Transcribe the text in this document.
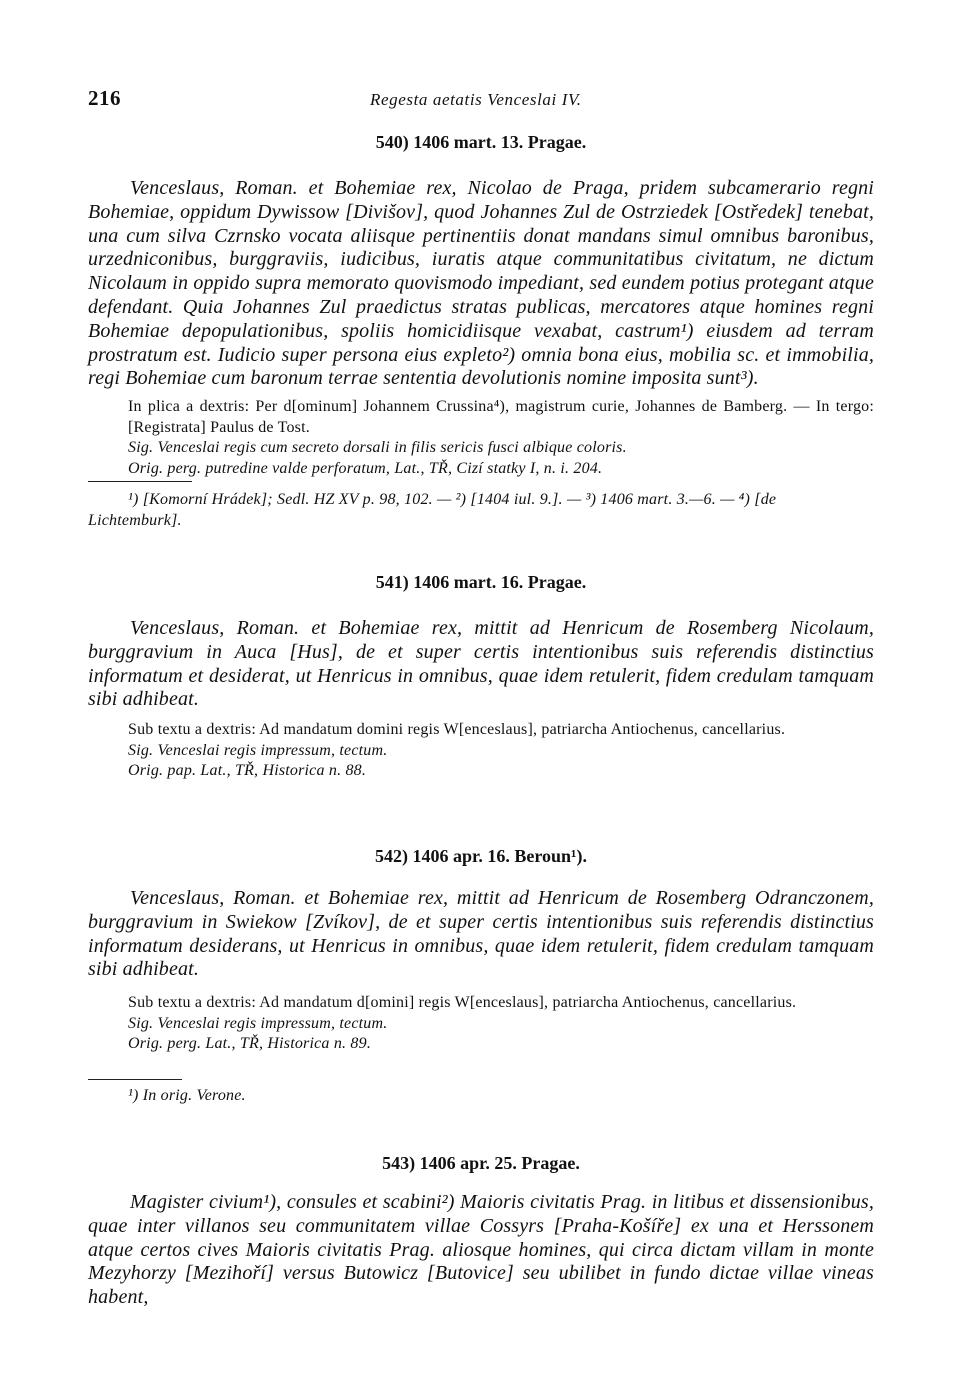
216	Regesta aetatis Venceslai IV.
540) 1406 mart. 13. Pragae.
Venceslaus, Roman. et Bohemiae rex, Nicolao de Praga, pridem subcamerario regni Bohemiae, oppidum Dywissow [Divišov], quod Johannes Zul de Ostrziedek [Ostředek] tenebat, una cum silva Czrnsko vocata aliisque pertinentiis donat mandans simul omnibus baronibus, urzedniconibus, burggraviis, iudicibus, iuratis atque communitatibus civitatum, ne dictum Nicolaum in oppido supra memorato quovismodo impediant, sed eundem potius protegant atque defendant. Quia Johannes Zul praedictus stratas publicas, mercatores atque homines regni Bohemiae depopulationibus, spoliis homicidiisque vexabat, castrum¹) eiusdem ad terram prostratum est. Iudicio super persona eius expleto²) omnia bona eius, mobilia sc. et immobilia, regi Bohemiae cum baronum terrae sententia devolutionis nomine imposita sunt³).
In plica a dextris: Per d[ominum] Johannem Crussina⁴), magistrum curie, Johannes de Bamberg. — In tergo: [Registrata] Paulus de Tost.
Sig. Venceslai regis cum secreto dorsali in filis sericis fusci albique coloris.
Orig. perg. putredine valde perforatum, Lat., TŘ, Cizí statky I, n. i. 204.
¹) [Komorní Hrádek]; Sedl. HZ XV p. 98, 102. — ²) [1404 iul. 9.]. — ³) 1406 mart. 3.—6. — ⁴) [de Lichtemburk].
541) 1406 mart. 16. Pragae.
Venceslaus, Roman. et Bohemiae rex, mittit ad Henricum de Rosemberg Nicolaum, burggravium in Auca [Hus], de et super certis intentionibus suis referendis distinctius informatum et desiderat, ut Henricus in omnibus, quae idem retulerit, fidem credulam tamquam sibi adhibeat.
Sub textu a dextris: Ad mandatum domini regis W[enceslaus], patriarcha Antiochenus, cancellarius.
Sig. Venceslai regis impressum, tectum.
Orig. pap. Lat., TŘ, Historica n. 88.
542) 1406 apr. 16. Beroun¹).
Venceslaus, Roman. et Bohemiae rex, mittit ad Henricum de Rosemberg Odranczonem, burggravium in Swiekow [Zvíkov], de et super certis intentionibus suis referendis distinctius informatum desiderans, ut Henricus in omnibus, quae idem retulerit, fidem credulam tamquam sibi adhibeat.
Sub textu a dextris: Ad mandatum d[omini] regis W[enceslaus], patriarcha Antiochenus, cancellarius.
Sig. Venceslai regis impressum, tectum.
Orig. perg. Lat., TŘ, Historica n. 89.
¹) In orig. Verone.
543) 1406 apr. 25. Pragae.
Magister civium¹), consules et scabini²) Maioris civitatis Prag. in litibus et dissensionibus, quae inter villanos seu communitatem villae Cossyrs [Praha-Košíře] ex una et Herssonem atque certos cives Maioris civitatis Prag. aliosque homines, qui circa dictam villam in monte Mezyhorzy [Mezihoří] versus Butowicz [Butovice] seu ubilibet in fundo dictae villae vineas habent,
